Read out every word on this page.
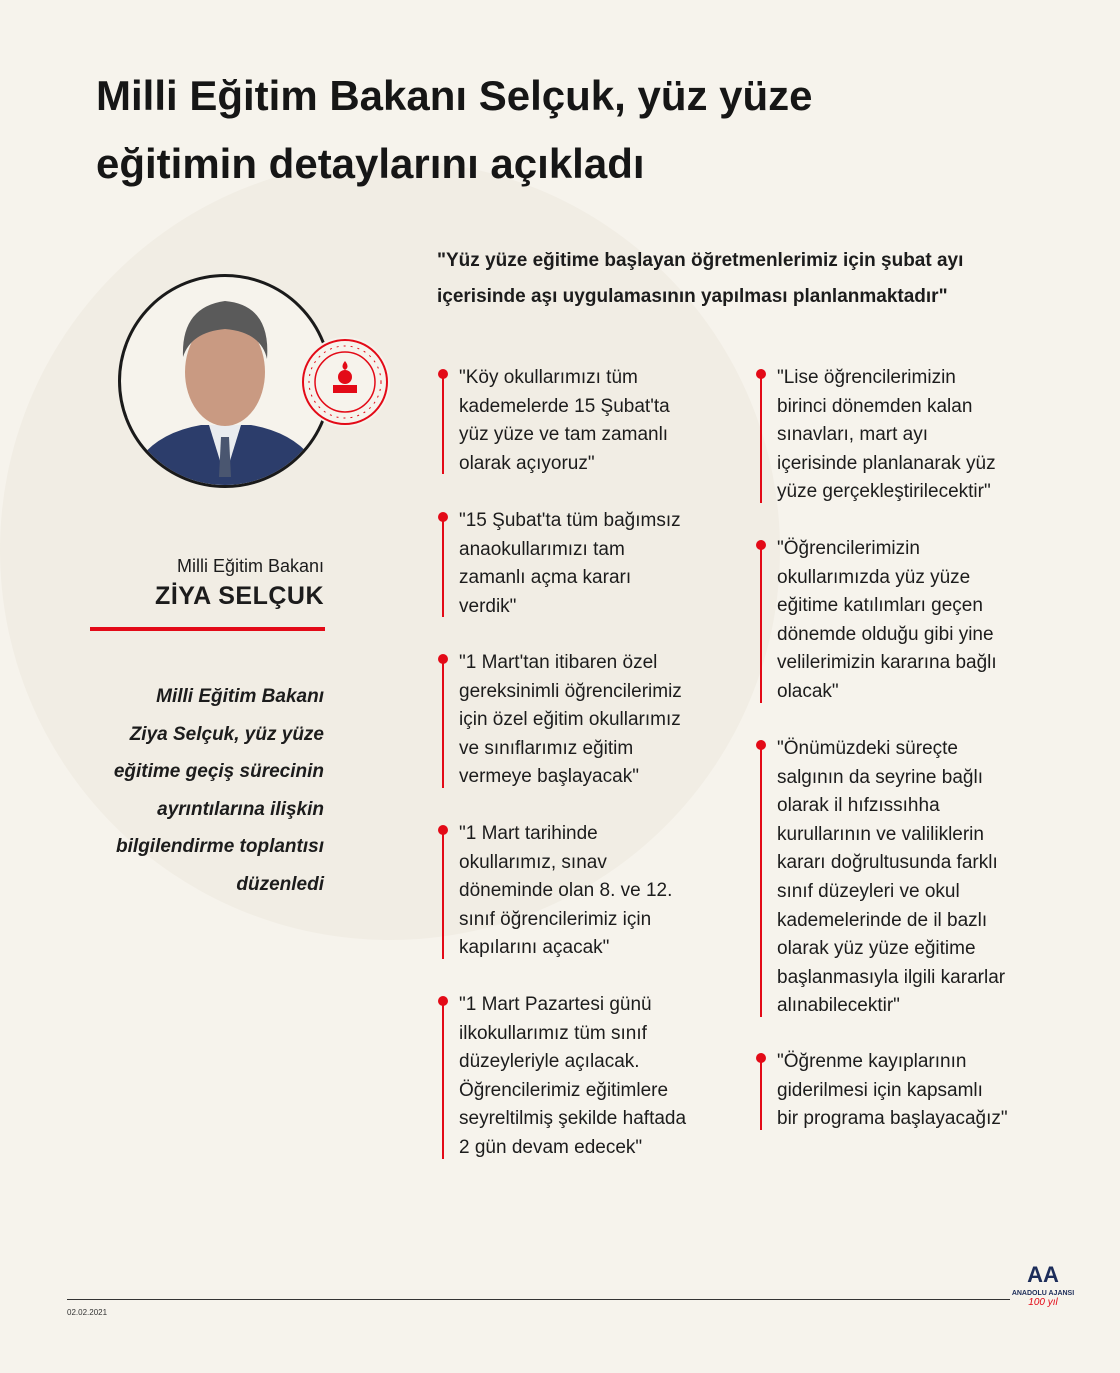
Milli Eğitim Bakanı Selçuk, yüz yüze
eğitimin detaylarını açıkladı
"Yüz yüze eğitime başlayan öğretmenlerimiz için şubat ayı
içerisinde aşı uygulamasının yapılması planlanmaktadır"
Milli Eğitim Bakanı
ZİYA SELÇUK
Milli Eğitim Bakanı
Ziya Selçuk, yüz yüze
eğitime geçiş sürecinin
ayrıntılarına ilişkin
bilgilendirme toplantısı
düzenledi
"Köy okullarımızı tüm
kademelerde 15 Şubat'ta
yüz yüze ve tam zamanlı
olarak açıyoruz"
"15 Şubat'ta tüm bağımsız
anaokullarımızı tam
zamanlı açma kararı
verdik"
"1 Mart'tan itibaren özel
gereksinimli öğrencilerimiz
için özel eğitim okullarımız
ve sınıflarımız eğitim
vermeye başlayacak"
"1 Mart tarihinde
okullarımız, sınav
döneminde olan 8. ve 12.
sınıf öğrencilerimiz için
kapılarını açacak"
"1 Mart Pazartesi günü
ilkokullarımız tüm sınıf
düzeyleriyle açılacak.
Öğrencilerimiz eğitimlere
seyreltilmiş şekilde haftada
2 gün devam edecek"
"Lise öğrencilerimizin
birinci dönemden kalan
sınavları, mart ayı
içerisinde planlanarak yüz
yüze gerçekleştirilecektir"
"Öğrencilerimizin
okullarımızda yüz yüze
eğitime katılımları geçen
dönemde olduğu gibi yine
velilerimizin kararına bağlı
olacak"
"Önümüzdeki süreçte
salgının da seyrine bağlı
olarak il hıfzıssıhha
kurullarının ve valiliklerin
kararı doğrultusunda farklı
sınıf düzeyleri ve okul
kademelerinde de il bazlı
olarak yüz yüze eğitime
başlanmasıyla ilgili kararlar
alınabilecektir"
"Öğrenme kayıplarının
giderilmesi için kapsamlı
bir programa başlayacağız"
02.02.2021
AA
ANADOLU AJANSI
100 yıl
